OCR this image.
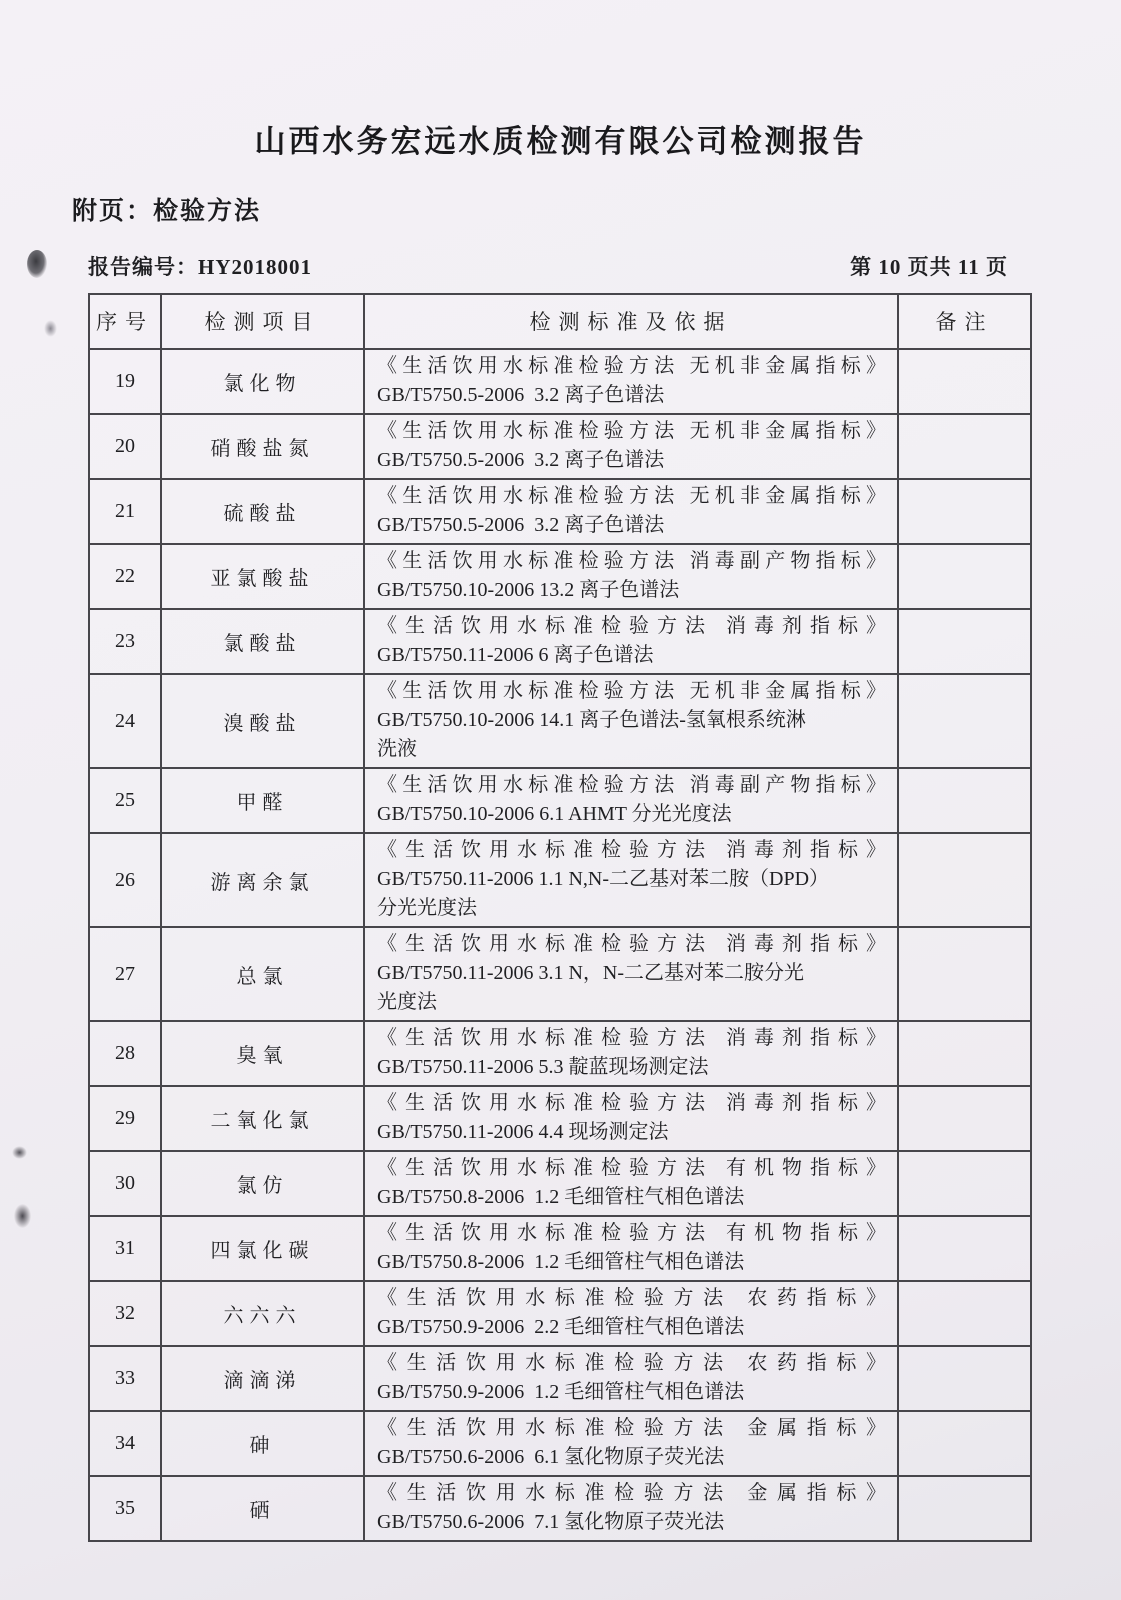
山西水务宏远水质检测有限公司检测报告
附页：检验方法
报告编号：HY2018001	第 10 页共 11 页
序号	检测项目	检测标准及依据	备注
19	氯化物	《生活饮用水标准检验方法 无机非金属指标》
GB/T5750.5-2006  3.2 离子色谱法	

20	硝酸盐氮	《生活饮用水标准检验方法 无机非金属指标》
GB/T5750.5-2006  3.2 离子色谱法	

21	硫酸盐	《生活饮用水标准检验方法 无机非金属指标》
GB/T5750.5-2006  3.2 离子色谱法	

22	亚氯酸盐	《生活饮用水标准检验方法 消毒副产物指标》
GB/T5750.10-2006 13.2 离子色谱法	

23	氯酸盐	《生活饮用水标准检验方法 消毒剂指标》
GB/T5750.11-2006 6 离子色谱法	

24	溴酸盐	《生活饮用水标准检验方法 无机非金属指标》
GB/T5750.10-2006 14.1 离子色谱法-氢氧根系统淋
洗液	

25	甲醛	《生活饮用水标准检验方法 消毒副产物指标》
GB/T5750.10-2006 6.1 AHMT 分光光度法	

26	游离余氯	《生活饮用水标准检验方法 消毒剂指标》
GB/T5750.11-2006 1.1 N,N-二乙基对苯二胺（DPD）
分光光度法	

27	总氯	《生活饮用水标准检验方法 消毒剂指标》
GB/T5750.11-2006 3.1 N，N-二乙基对苯二胺分光
光度法	

28	臭氧	《生活饮用水标准检验方法 消毒剂指标》
GB/T5750.11-2006 5.3 靛蓝现场测定法	

29	二氧化氯	《生活饮用水标准检验方法 消毒剂指标》
GB/T5750.11-2006 4.4 现场测定法	

30	氯仿	《生活饮用水标准检验方法 有机物指标》
GB/T5750.8-2006  1.2 毛细管柱气相色谱法	

31	四氯化碳	《生活饮用水标准检验方法 有机物指标》
GB/T5750.8-2006  1.2 毛细管柱气相色谱法	

32	六六六	《生活饮用水标准检验方法 农药指标》
GB/T5750.9-2006  2.2 毛细管柱气相色谱法	

33	滴滴涕	《生活饮用水标准检验方法 农药指标》
GB/T5750.9-2006  1.2 毛细管柱气相色谱法	

34	砷	《生活饮用水标准检验方法 金属指标》
GB/T5750.6-2006  6.1 氢化物原子荧光法	

35	硒	《生活饮用水标准检验方法 金属指标》
GB/T5750.6-2006  7.1 氢化物原子荧光法	
